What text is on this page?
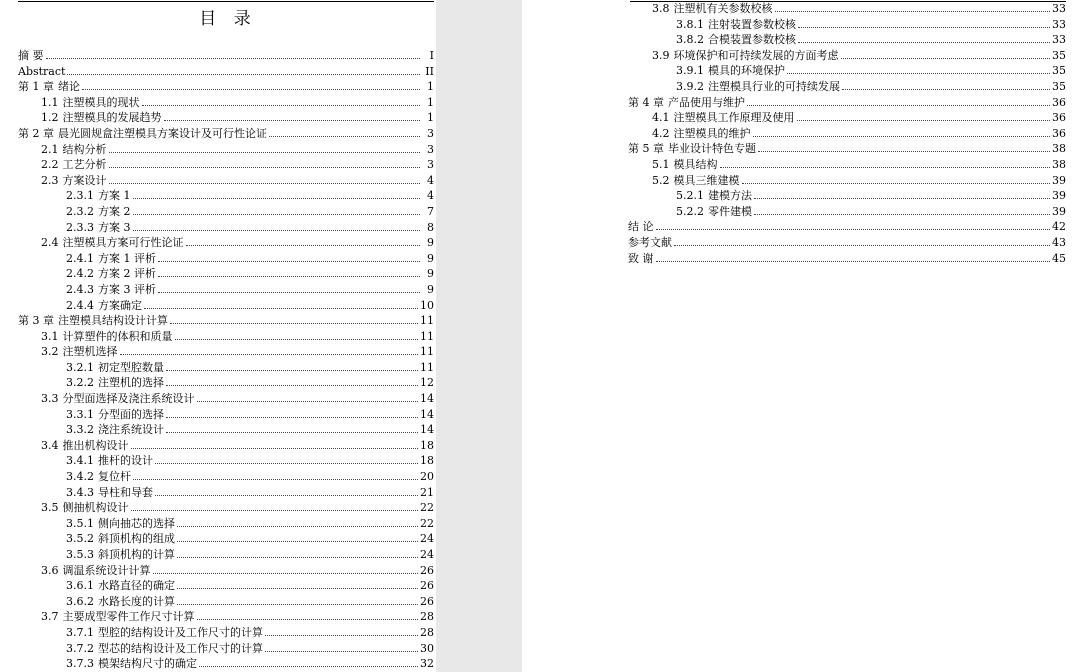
目 录
摘 要	I
Abstract	II
第 1 章 绪论	1
1.1 注塑模具的现状	1
1.2 注塑模具的发展趋势	1
第 2 章 晨光圆规盒注塑模具方案设计及可行性论证	3
2.1 结构分析	3
2.2 工艺分析	3
2.3 方案设计	4
2.3.1 方案 1	4
2.3.2 方案 2	7
2.3.3 方案 3	8
2.4 注塑模具方案可行性论证	9
2.4.1 方案 1 评析	9
2.4.2 方案 2 评析	9
2.4.3 方案 3 评析	9
2.4.4 方案确定	10
第 3 章 注塑模具结构设计计算	11
3.1 计算塑件的体积和质量	11
3.2 注塑机选择	11
3.2.1 初定型腔数量	11
3.2.2 注塑机的选择	12
3.3 分型面选择及浇注系统设计	14
3.3.1 分型面的选择	14
3.3.2 浇注系统设计	14
3.4 推出机构设计	18
3.4.1 推杆的设计	18
3.4.2 复位杆	20
3.4.3 导柱和导套	21
3.5 侧抽机构设计	22
3.5.1 侧向抽芯的选择	22
3.5.2 斜顶机构的组成	24
3.5.3 斜顶机构的计算	24
3.6 调温系统设计计算	26
3.6.1 水路直径的确定	26
3.6.2 水路长度的计算	26
3.7 主要成型零件工作尺寸计算	28
3.7.1 型腔的结构设计及工作尺寸的计算	28
3.7.2 型芯的结构设计及工作尺寸的计算	30
3.7.3 模架结构尺寸的确定	32
3.8 注塑机有关参数校核	33
3.8.1 注射装置参数校核	33
3.8.2 合模装置参数校核	33
3.9 环境保护和可持续发展的方面考虑	35
3.9.1 模具的环境保护	35
3.9.2 注塑模具行业的可持续发展	35
第 4 章 产品使用与维护	36
4.1 注塑模具工作原理及使用	36
4.2 注塑模具的维护	36
第 5 章 毕业设计特色专题	38
5.1 模具结构	38
5.2 模具三维建模	39
5.2.1 建模方法	39
5.2.2 零件建模	39
结 论	42
参考文献	43
致 谢	45
